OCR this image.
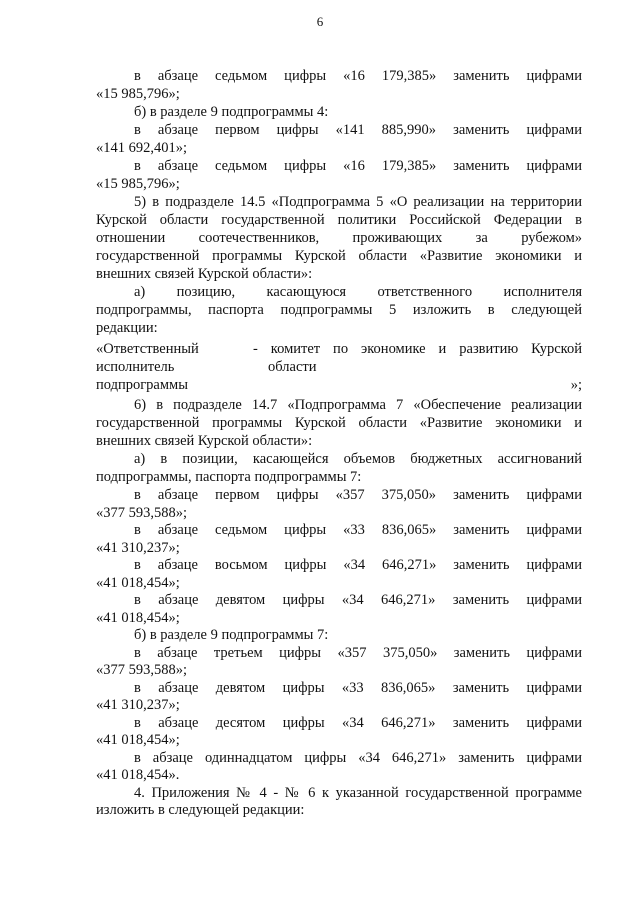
6
в абзаце седьмом цифры «16 179,385» заменить цифрами
«15 985,796»;
б) в разделе 9 подпрограммы 4:
в абзаце первом цифры «141 885,990» заменить цифрами
«141 692,401»;
в абзаце седьмом цифры «16 179,385» заменить цифрами
«15 985,796»;
5) в подразделе 14.5 «Подпрограмма 5 «О реализации на территории
Курской области государственной политики Российской Федерации в
отношении соотечественников, проживающих за рубежом»
государственной программы Курской области «Развитие экономики и
внешних связей Курской области»:
а) позицию, касающуюся ответственного исполнителя
подпрограммы, паспорта подпрограммы 5 изложить в следующей
редакции:
«Ответственный
исполнитель
подпрограммы
- комитет по экономике и развитию Курской
области
»;
6) в подразделе 14.7 «Подпрограмма 7 «Обеспечение реализации
государственной программы Курской области «Развитие экономики и
внешних связей Курской области»:
а) в позиции, касающейся объемов бюджетных ассигнований
подпрограммы, паспорта подпрограммы 7:
в абзаце первом цифры «357 375,050» заменить цифрами
«377 593,588»;
в абзаце седьмом цифры «33 836,065» заменить цифрами
«41 310,237»;
в абзаце восьмом цифры «34 646,271» заменить цифрами
«41 018,454»;
в абзаце девятом цифры «34 646,271» заменить цифрами
«41 018,454»;
б) в разделе 9 подпрограммы 7:
в абзаце третьем цифры «357 375,050» заменить цифрами
«377 593,588»;
в абзаце девятом цифры «33 836,065» заменить цифрами
«41 310,237»;
в абзаце десятом цифры «34 646,271» заменить цифрами
«41 018,454»;
в абзаце одиннадцатом цифры «34 646,271» заменить цифрами
«41 018,454».
4. Приложения № 4 - № 6 к указанной государственной программе
изложить в следующей редакции:
